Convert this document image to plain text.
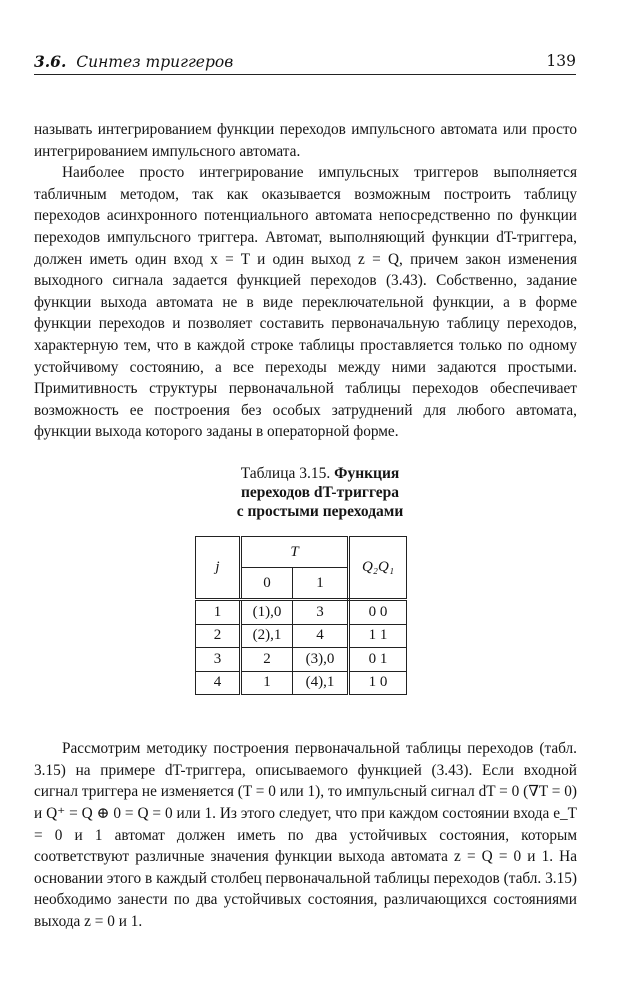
3.6. Синтез триггеров	139

называть интегрированием функции переходов импульсного автомата или просто интегрированием импульсного автомата.

Наиболее просто интегрирование импульсных триггеров выполняется табличным методом, так как оказывается возможным построить таблицу переходов асинхронного потенциального автомата непосредственно по функции переходов импульсного триггера. Автомат, выполняющий функции dT-триггера, должен иметь один вход x = T и один выход z = Q, причем закон изменения выходного сигнала задается функцией переходов (3.43). Собственно, задание функции выхода автомата не в виде переключательной функции, а в форме функции переходов и позволяет составить первоначальную таблицу переходов, характерную тем, что в каждой строке таблицы проставляется только по одному устойчивому состоянию, а все переходы между ними задаются простыми. Примитивность структуры первоначальной таблицы переходов обеспечивает возможность ее построения без особых затруднений для любого автомата, функции выхода которого заданы в операторной форме.

Таблица 3.15. Функция
переходов dT-триггера
с простыми переходами
j	T		Q₂Q₁
	0	1	
1	(1),0	3	0 0
2	(2),1	4	1 1
3	2	(3),0	0 1
4	1	(4),1	1 0

Рассмотрим методику построения первоначальной таблицы переходов (табл. 3.15) на примере dT-триггера, описываемого функцией (3.43). Если входной сигнал триггера не изменяется (T = 0 или 1), то импульсный сигнал dT = 0 (∇T = 0) и Q⁺ = Q ⊕ 0 = Q = 0 или 1. Из этого следует, что при каждом состоянии входа e_T = 0 и 1 автомат должен иметь по два устойчивых состояния, которым соответствуют различные значения функции выхода автомата z = Q = 0 и 1. На основании этого в каждый столбец первоначальной таблицы переходов (табл. 3.15) необходимо занести по два устойчивых состояния, различающихся состояниями выхода z = 0 и 1.
